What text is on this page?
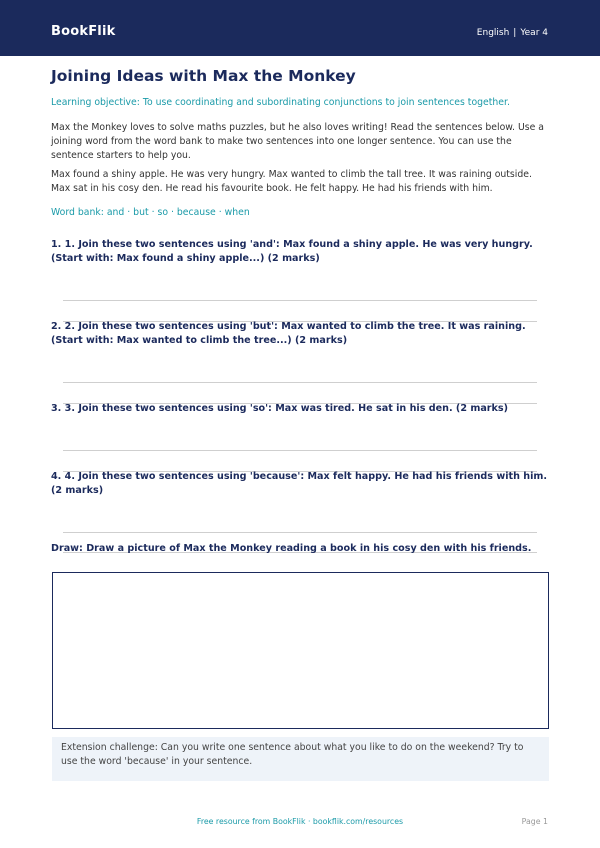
BookFlik	English | Year 4
Joining Ideas with Max the Monkey

Learning objective: To use coordinating and subordinating conjunctions to join sentences together.

Max the Monkey loves to solve maths puzzles, but he also loves writing! Read the sentences below. Use a joining word from the word bank to make two sentences into one longer sentence. You can use the sentence starters to help you.

Max found a shiny apple. He was very hungry. Max wanted to climb the tall tree. It was raining outside. Max sat in his cosy den. He read his favourite book. He felt happy. He had his friends with him.

Word bank: and · but · so · because · when

1. 1. Join these two sentences using 'and': Max found a shiny apple. He was very hungry. (Start with: Max found a shiny apple...) (2 marks)

2. 2. Join these two sentences using 'but': Max wanted to climb the tree. It was raining. (Start with: Max wanted to climb the tree...) (2 marks)

3. 3. Join these two sentences using 'so': Max was tired. He sat in his den. (2 marks)

4. 4. Join these two sentences using 'because': Max felt happy. He had his friends with him. (2 marks)

Draw: Draw a picture of Max the Monkey reading a book in his cosy den with his friends.

Extension challenge: Can you write one sentence about what you like to do on the weekend? Try to use the word 'because' in your sentence.

Free resource from BookFlik · bookflik.com/resources	Page 1
